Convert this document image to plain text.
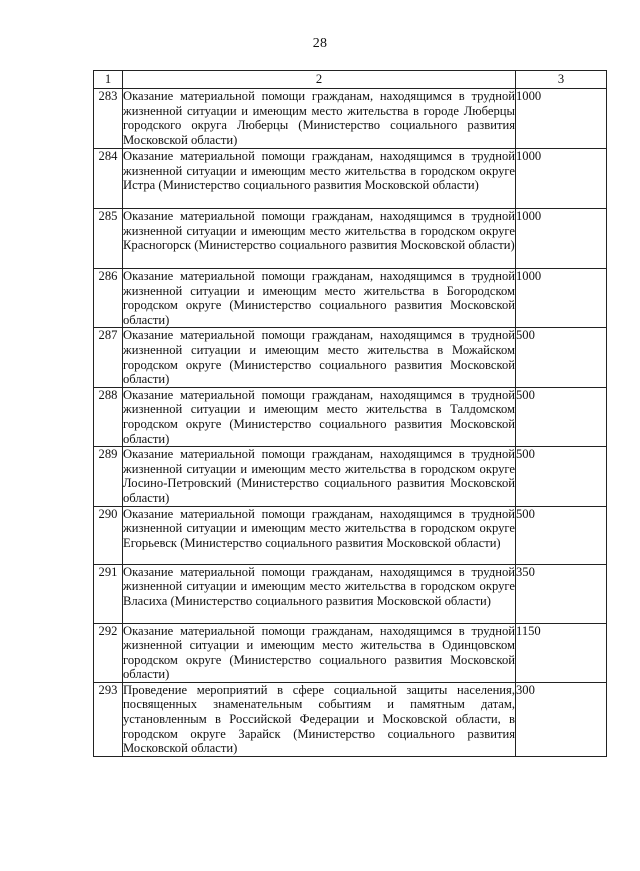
28
1	2	3
283	Оказание материальной помощи гражданам, находящимся в трудной жизненной ситуации и имеющим место жительства в городе Люберцы городского округа Люберцы (Министерство социального развития Московской области)	1000
284	Оказание материальной помощи гражданам, находящимся в трудной жизненной ситуации и имеющим место жительства в городском округе Истра (Министерство социального развития Московской области)	1000
285	Оказание материальной помощи гражданам, находящимся в трудной жизненной ситуации и имеющим место жительства в городском округе Красногорск (Министерство социального развития Московской области)	1000
286	Оказание материальной помощи гражданам, находящимся в трудной жизненной ситуации и имеющим место жительства в Богородском городском округе (Министерство социального развития Московской области)	1000
287	Оказание материальной помощи гражданам, находящимся в трудной жизненной ситуации и имеющим место жительства в Можайском городском округе (Министерство социального развития Московской области)	500
288	Оказание материальной помощи гражданам, находящимся в трудной жизненной ситуации и имеющим место жительства в Талдомском городском округе (Министерство социального развития Московской области)	500
289	Оказание материальной помощи гражданам, находящимся в трудной жизненной ситуации и имеющим место жительства в городском округе Лосино-Петровский (Министерство социального развития Московской области)	500
290	Оказание материальной помощи гражданам, находящимся в трудной жизненной ситуации и имеющим место жительства в городском округе Егорьевск (Министерство социального развития Московской области)	500
291	Оказание материальной помощи гражданам, находящимся в трудной жизненной ситуации и имеющим место жительства в городском округе Власиха (Министерство социального развития Московской области)	350
292	Оказание материальной помощи гражданам, находящимся в трудной жизненной ситуации и имеющим место жительства в Одинцовском городском округе (Министерство социального развития Московской области)	1150
293	Проведение мероприятий в сфере социальной защиты населения, посвященных знаменательным событиям и памятным датам, установленным в Российской Федерации и Московской области, в городском округе Зарайск (Министерство социального развития Московской области)	300
